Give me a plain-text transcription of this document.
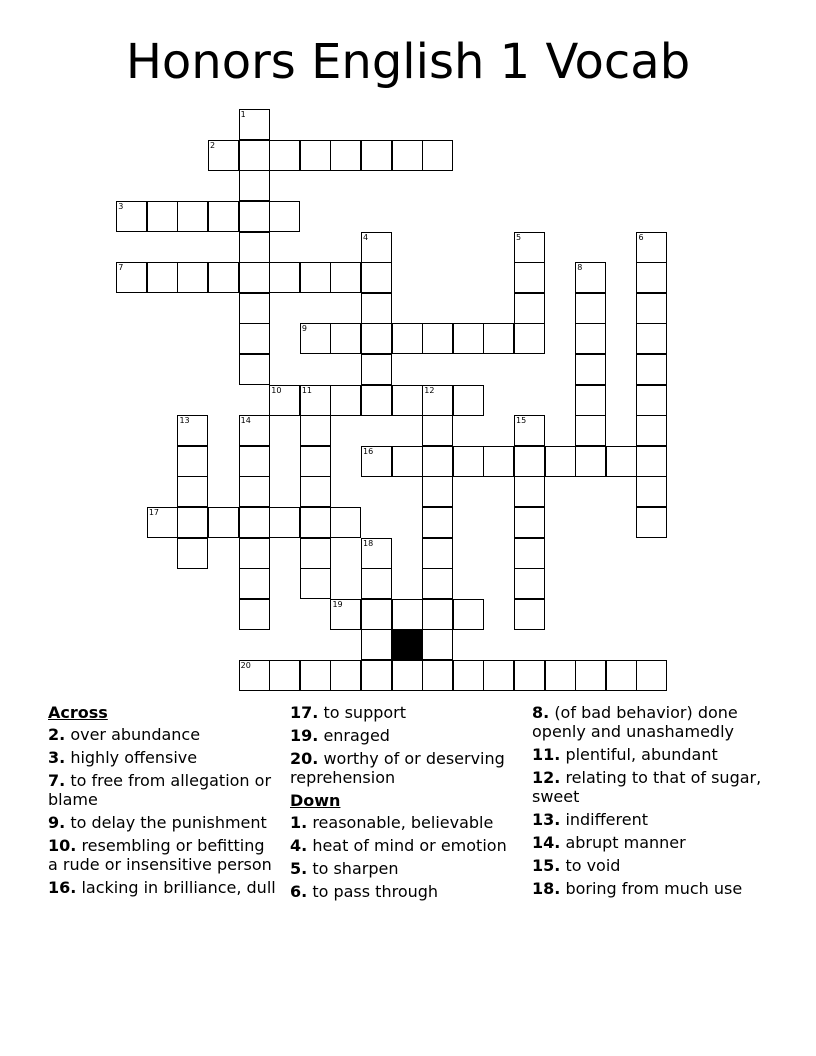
Honors English 1 Vocab
1
2
3
4	5	6
7	8
9
10	11	12
13	14	15
16
17
18
19
20
Across
2. over abundance
3. highly offensive
7. to free from allegation or blame
9. to delay the punishment
10. resembling or befitting a rude or insensitive person
16. lacking in brilliance, dull
17. to support
19. enraged
20. worthy of or deserving reprehension
Down
1. reasonable, believable
4. heat of mind or emotion
5. to sharpen
6. to pass through
8. (of bad behavior) done openly and unashamedly
11. plentiful, abundant
12. relating to that of sugar, sweet
13. indifferent
14. abrupt manner
15. to void
18. boring from much use
